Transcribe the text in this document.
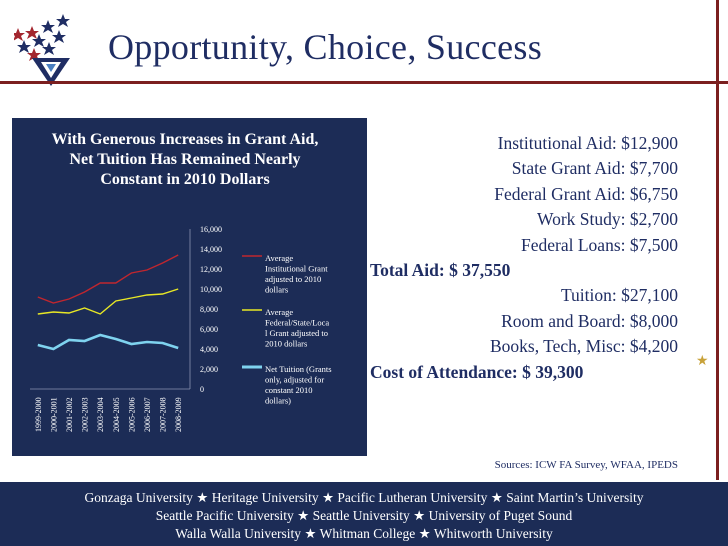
Opportunity, Choice, Success
With Generous Increases in Grant Aid, Net Tuition Has Remained Nearly Constant in 2010 Dollars
16,000
14,000
12,000
10,000
8,000
6,000
4,000
2,000
0
1999-2000 2000-2001 2001-2002 2002-2003 2003-2004 2004-2005 2005-2006 2006-2007 2007-2008 2008-2009
Average
Institutional Grant
adjusted to 2010
dollars
Average
Federal/State/Loca
l Grant adjusted to
2010 dollars
Net Tuition (Grants
only, adjusted for
constant 2010
dollars)
Institutional Aid: $12,900
State Grant Aid: $7,700
Federal Grant Aid: $6,750
Work Study: $2,700
Federal Loans: $7,500
Total Aid: $ 37,550
Tuition: $27,100
Room and Board: $8,000
Books, Tech, Misc: $4,200
Cost of Attendance: $ 39,300
Sources: ICW FA Survey, WFAA, IPEDS
★
Gonzaga University ★ Heritage University ★ Pacific Lutheran University ★ Saint Martin’s University
Seattle Pacific University ★ Seattle University ★ University of Puget Sound
Walla Walla University ★ Whitman College ★ Whitworth University
